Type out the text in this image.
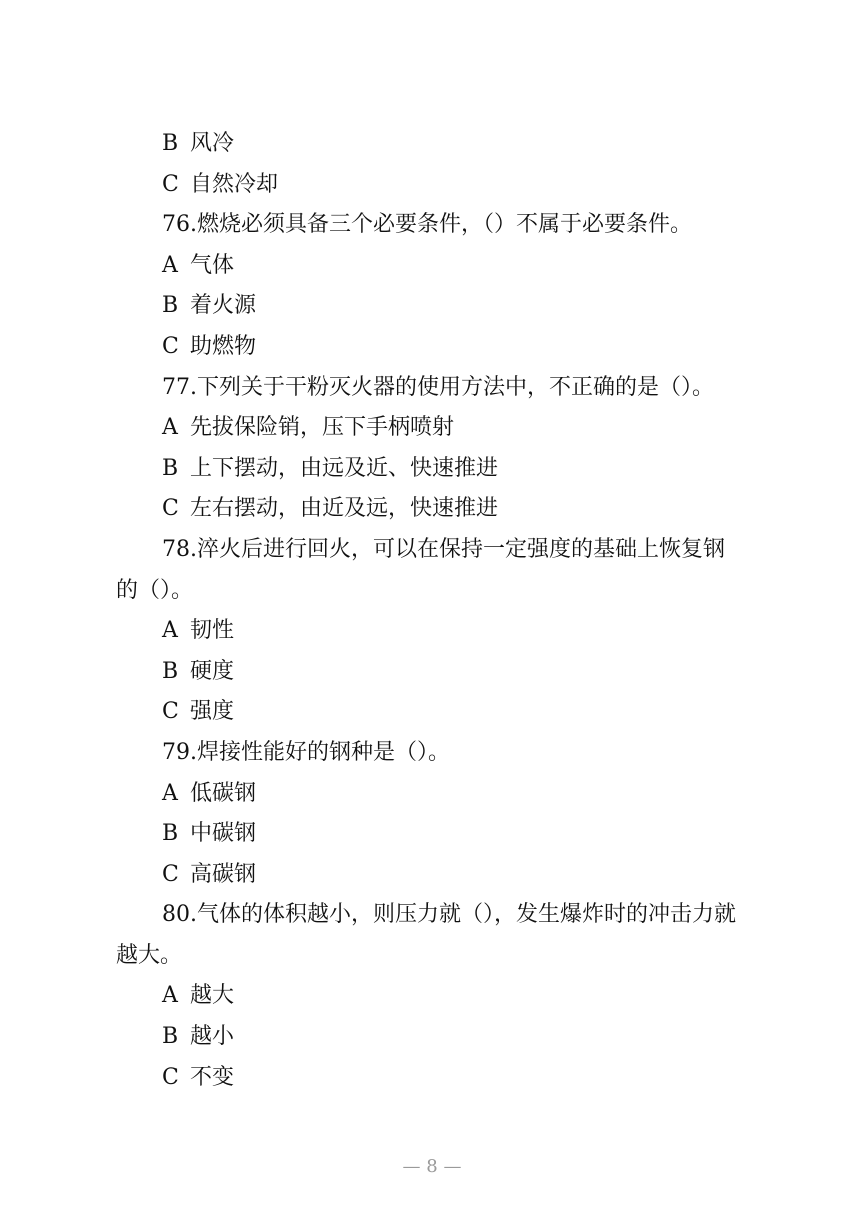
B 风冷
C 自然冷却
76.燃烧必须具备三个必要条件，（）不属于必要条件。
A 气体
B 着火源
C 助燃物
77.下列关于干粉灭火器的使用方法中，不正确的是（）。
A 先拔保险销，压下手柄喷射
B 上下摆动，由远及近、快速推进
C 左右摆动，由近及远，快速推进
78.淬火后进行回火，可以在保持一定强度的基础上恢复钢
的（）。
A 韧性
B 硬度
C 强度
79.焊接性能好的钢种是（）。
A 低碳钢
B 中碳钢
C 高碳钢
80.气体的体积越小，则压力就（），发生爆炸时的冲击力就
越大。
A 越大
B 越小
C 不变
— 8 —
